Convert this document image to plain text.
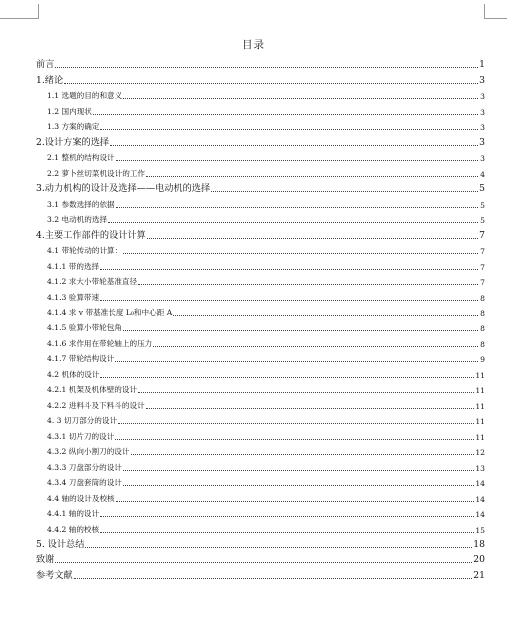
目录
前言	1
1.绪论	3
1.1 选题的目的和意义	3
1.2 国内现状	3
1.3 方案的确定	3
2.设计方案的选择	3
2.1 整机的结构设计	3
2.2 萝卜丝切菜机设计的工作	4
3.动力机构的设计及选择——电动机的选择	5
3.1 参数选择的依据	5
3.2 电动机的选择	5
4.主要工作部件的设计计算	7
4.1 带轮传动的计算：	7
4.1.1 带的选择	7
4.1.2 求大小带轮基准直径	7
4.1.3 验算带速	8
4.1.4 求 v 带基准长度 L₀和中心距 A	8
4.1.5 验算小带轮包角	8
4.1.6 求作用在带轮轴上的压力	8
4.1.7 带轮结构设计	9
4.2 机体的设计	11
4.2.1 机架及机体壁的设计	11
4.2.2 进料斗及下料斗的设计	11
4. 3 切刀部分的设计	11
4.3.1 切片刀的设计	11
4.3.2 纵向小割刀的设计	12
4.3.3 刀盘部分的设计	13
4.3.4 刀盘套筒的设计	14
4.4 轴的设计及校核	14
4.4.1 轴的设计	14
4.4.2 轴的校核	15
5. 设计总结	18
致谢	20
参考文献	21
